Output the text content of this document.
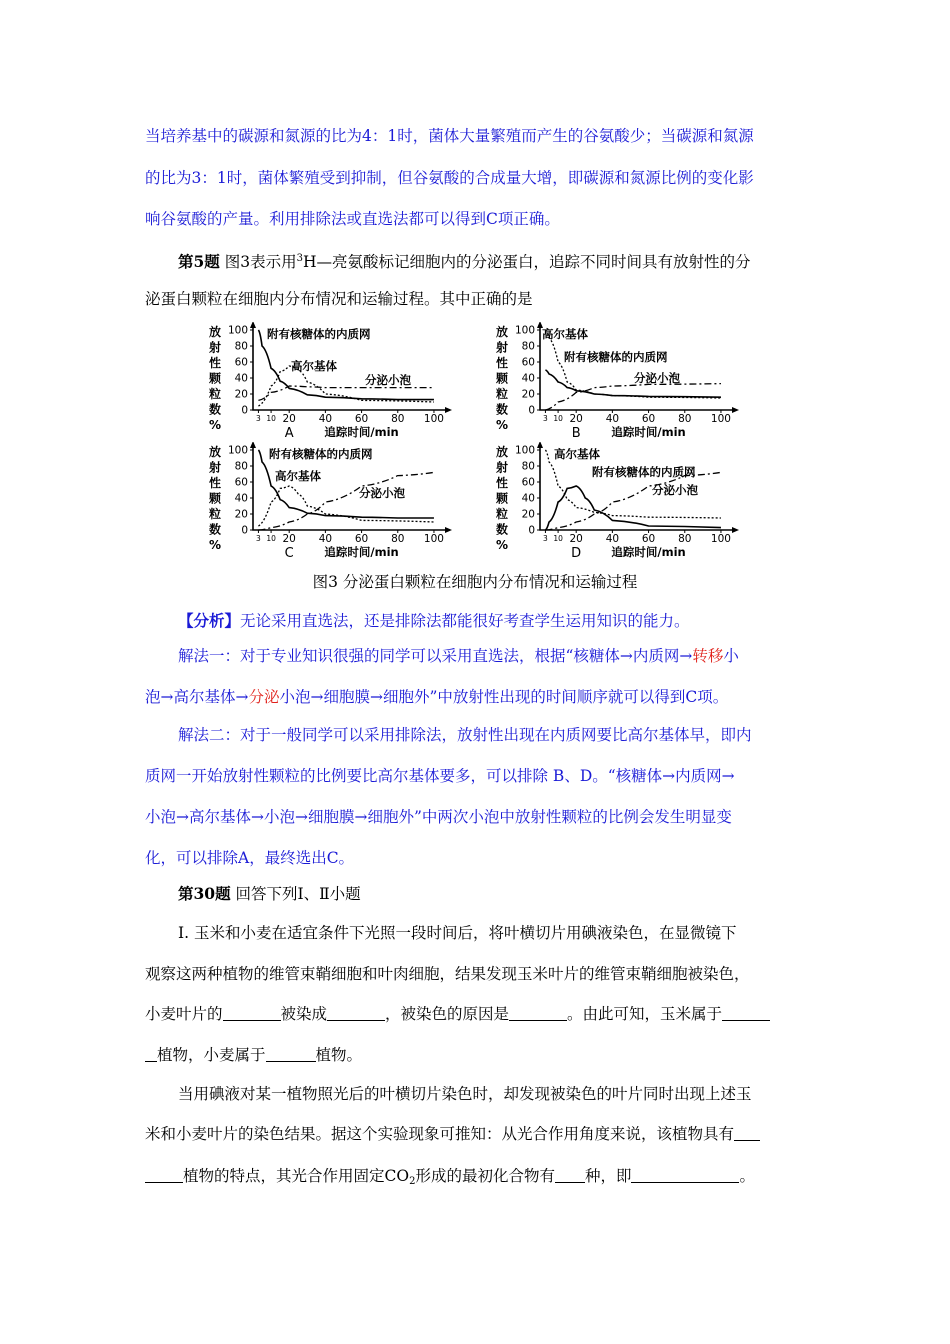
当培养基中的碳源和氮源的比为4：1时，菌体大量繁殖而产生的谷氨酸少；当碳源和氮源
的比为3：1时，菌体繁殖受到抑制，但谷氨酸的合成量大增，即碳源和氮源比例的变化影
响谷氨酸的产量。利用排除法或直选法都可以得到C项正确。
第5题 图3表示用$^3$H—亮氨酸标记细胞内的分泌蛋白，追踪不同时间具有放射性的分
泌蛋白颗粒在细胞内分布情况和运输过程。其中正确的是
放
射
性
颗
粒
数
%
0
20
40
60
80
100
3 10 20 40 60 80 100
A	追踪时间/min
附有核糖体的内质网
高尔基体
分泌小泡
放
射
性
颗
粒
数
%
0
20
40
60
80
100
3 10 20 40 60 80 100
B	追踪时间/min
高尔基体
附有核糖体的内质网
分泌小泡
放
射
性
颗
粒
数
%
0
20
40
60
80
100
3 10 20 40 60 80 100
C	追踪时间/min
附有核糖体的内质网
高尔基体
分泌小泡
放
射
性
颗
粒
数
%
0
20
40
60
80
100
3 10 20 40 60 80 100
D	追踪时间/min
高尔基体
附有核糖体的内质网
分泌小泡
图3 分泌蛋白颗粒在细胞内分布情况和运输过程
【分析】无论采用直选法，还是排除法都能很好考查学生运用知识的能力。
解法一：对于专业知识很强的同学可以采用直选法，根据“核糖体→内质网→转移小
泡→高尔基体→分泌小泡→细胞膜→细胞外”中放射性出现的时间顺序就可以得到C项。
解法二：对于一般同学可以采用排除法，放射性出现在内质网要比高尔基体早，即内
质网一开始放射性颗粒的比例要比高尔基体要多，可以排除 B、D。“核糖体→内质网→
小泡→高尔基体→小泡→细胞膜→细胞外”中两次小泡中放射性颗粒的比例会发生明显变
化，可以排除A，最终选出C。
第30题 回答下列Ⅰ、Ⅱ小题
Ⅰ. 玉米和小麦在适宜条件下光照一段时间后，将叶横切片用碘液染色，在显微镜下
观察这两种植物的维管束鞘细胞和叶肉细胞，结果发现玉米叶片的维管束鞘细胞被染色，
小麦叶片的	被染成	，被染色的原因是	。由此可知，玉米属于
植物，小麦属于	植物。
当用碘液对某一植物照光后的叶横切片染色时，却发现被染色的叶片同时出现上述玉
米和小麦叶片的染色结果。据这个实验现象可推知：从光合作用角度来说，该植物具有
植物的特点，其光合作用固定$CO_2$形成的最初化合物有 种，即	。
